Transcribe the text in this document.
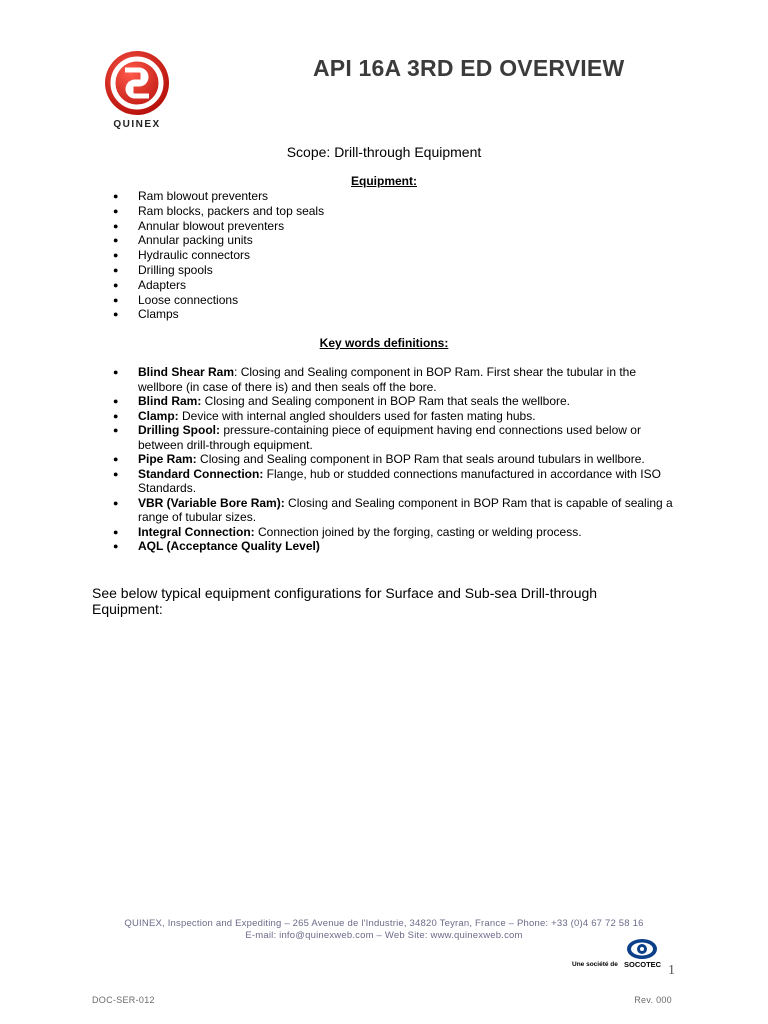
QUINEX
API 16A 3RD ED OVERVIEW
Scope: Drill-through Equipment
Equipment:
● Ram blowout preventers
● Ram blocks, packers and top seals
● Annular blowout preventers
● Annular packing units
● Hydraulic connectors
● Drilling spools
● Adapters
● Loose connections
● Clamps
Key words definitions:
● Blind Shear Ram: Closing and Sealing component in BOP Ram. First shear the tubular in the wellbore (in case of there is) and then seals off the bore.
● Blind Ram: Closing and Sealing component in BOP Ram that seals the wellbore.
● Clamp: Device with internal angled shoulders used for fasten mating hubs.
● Drilling Spool: pressure-containing piece of equipment having end connections used below or between drill-through equipment.
● Pipe Ram: Closing and Sealing component in BOP Ram that seals around tubulars in wellbore.
● Standard Connection: Flange, hub or studded connections manufactured in accordance with ISO Standards.
● VBR (Variable Bore Ram): Closing and Sealing component in BOP Ram that is capable of sealing a range of tubular sizes.
● Integral Connection: Connection joined by the forging, casting or welding process.
● AQL (Acceptance Quality Level)
See below typical equipment configurations for Surface and Sub-sea Drill-through Equipment:
QUINEX, Inspection and Expediting – 265 Avenue de l'Industrie, 34820 Teyran, France – Phone: +33 (0)4 67 72 58 16
E-mail: info@quinexweb.com – Web Site: www.quinexweb.com
Une société de SOCOTEC 1
DOC-SER-012	Rev. 000
